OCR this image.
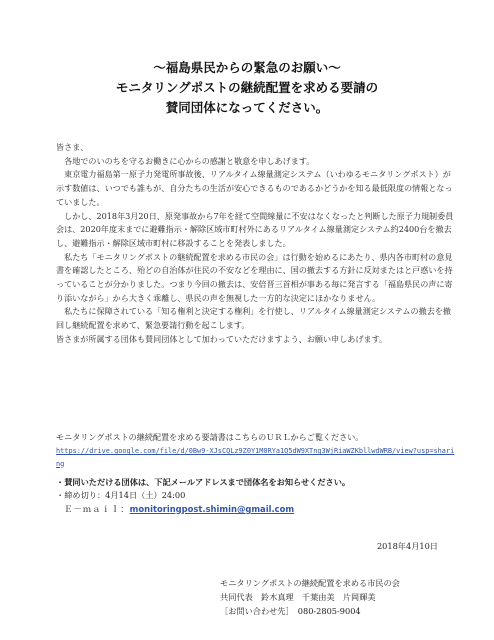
～福島県民からの緊急のお願い～
モニタリングポストの継続配置を求める要請の
賛同団体になってください。

皆さま、

　各地でのいのちを守るお働きに心からの感謝と敬意を申しあげます。

　東京電力福島第一原子力発電所事故後、リアルタイム線量測定システム（いわゆるモニタリングポスト）が示す数値は、いつでも誰もが、自分たちの生活が安心できるものであるかどうかを知る最低限度の情報となっていました。

　しかし、2018年3月20日、原発事故から7年を経て空間線量に不安はなくなったと判断した原子力規制委員会は、2020年度末までに避難指示・解除区域市町村外にあるリアルタイム線量測定システム約2400台を撤去し、避難指示・解除区域市町村に移設することを発表しました。

　私たち「モニタリングポストの継続配置を求める市民の会」は行動を始めるにあたり、県内各市町村の意見書を確認したところ、殆どの自治体が住民の不安などを理由に、国の撤去する方針に反対またはと戸惑いを持っていることが分かりました。つまり今回の撤去は、安倍晋三首相が事ある毎に発言する「福島県民の声に寄り添いながら」から大きく乖離し、県民の声を無視した一方的な決定にほかなりません。

　私たちに保障されている「知る権利と決定する権利」を行使し、リアルタイム線量測定システムの撤去を撤回し継続配置を求めて、緊急要請行動を起こします。

皆さまが所属する団体も賛同団体として加わっていただけますよう、お願い申しあげます。

モニタリングポストの継続配置を求める要請書はこちらのＵＲＬからご覧ください。
https://drive.google.com/file/d/0Bw9-XJsCQLz9Z0Y1M0RYa1Q5dW9XTng3WjRiaWZKbllwdWRB/view?usp=sharing
・賛同いただける団体は、下記メールアドレスまで団体名をお知らせください。
・締め切り：4月14日（土）24:00
Ｅ－ｍａｉｌ：monitoringpost.shimin@gmail.com
2018年4月10日
モニタリングポストの継続配置を求める市民の会
共同代表　鈴木真理　千葉由美　片岡輝美
［お問い合わせ先］　080-2805-9004
